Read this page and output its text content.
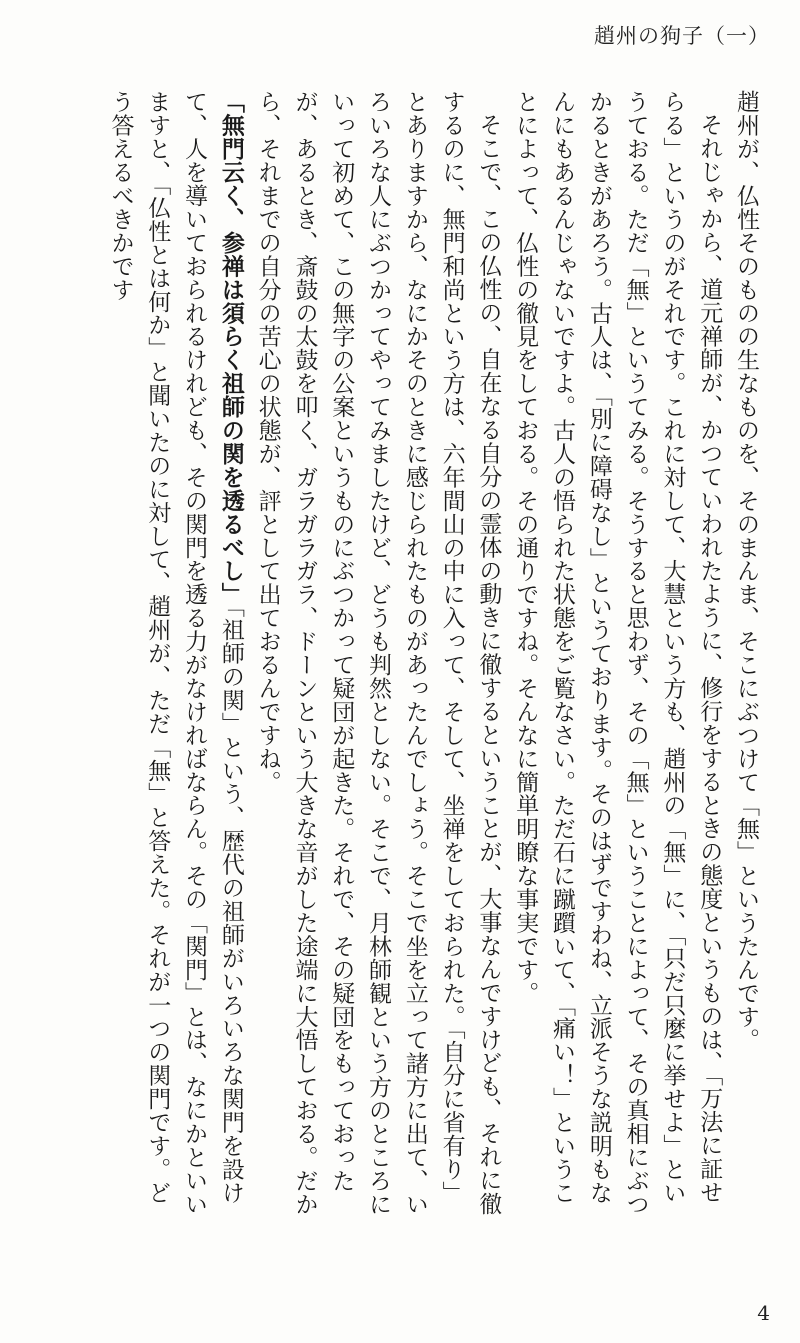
趙州の狗子（一）

趙州が、仏性そのものの生なものを、そのまんま、そこにぶつけて「無」というたんです。

それじゃから、道元禅師が、かつていわれたように、修行をするときの態度というものは、「万法に証せらる」というのがそれです。これに対して、大慧という方も、趙州の「無」に、「只だ只麼に挙せよ」というておる。ただ「無」というてみる。そうすると思わず、その「無」ということによって、その真相にぶつかるときがあろう。古人は、「別に障碍なし」というております。そのはずですわね、立派そうな説明もなんにもあるんじゃないですよ。古人の悟られた状態をご覧なさい。ただ石に蹴躓いて、「痛い！」ということによって、仏性の徹見をしておる。その通りですね。そんなに簡単明瞭な事実です。

そこで、この仏性の、自在なる自分の霊体の動きに徹するということが、大事なんですけども、それに徹するのに、無門和尚という方は、六年間山の中に入って、そして、坐禅をしておられた。「自分に省有り」とありますから、なにかそのときに感じられたものがあったんでしょう。そこで坐を立って諸方に出て、いろいろな人にぶつかってやってみましたけど、どうも判然としない。そこで、月林師観という方のところにいって初めて、この無字の公案というものにぶつかって疑団が起きた。それで、その疑団をもっておったが、あるとき、斎鼓の太鼓を叩く、ガラガラガラ、ドーンという大きな音がした途端に大悟しておる。だから、それまでの自分の苦心の状態が、評として出ておるんですね。

「無門云く、参禅は須らく祖師の関を透るべし」「祖師の関」という、歴代の祖師がいろいろな関門を設けて、人を導いておられるけれども、その関門を透る力がなければならん。その「関門」とは、なにかといいますと、「仏性とは何か」と聞いたのに対して、趙州が、ただ「無」と答えた。それが一つの関門です。どう答えるべきかです

4
